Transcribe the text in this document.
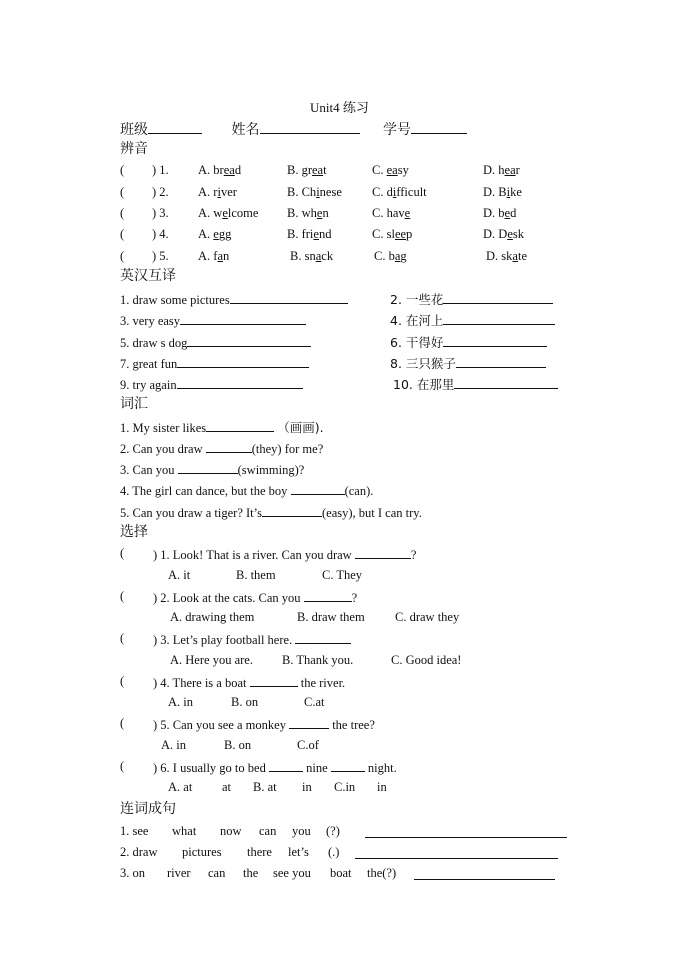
Unit4 练习
班级	姓名	学号
辨音
( ) 1. A. bread	B. great	C. easy	D. hear
( ) 2. A. river	B. Chinese C. difficult	D. Bike
( ) 3. A. welcome B. when	C. have	D. bed
( ) 4. A. egg	B. friend	C. sleep	D. Desk
( ) 5. A. fan	B. snack	C. bag	D. skate
英汉互译
1. draw some pictures	2. 一些花
3. very easy	4. 在河上
5. draw s dog	6. 干得好
7. great fun	8. 三只猴子
9. try again	10. 在那里
词汇
1. My sister likes	（画画).
2. Can you draw	(they) for me?
3. Can you	(swimming)?
4. The girl can dance, but the boy	(can).
5. Can you draw a tiger? It’s	(easy), but I can try.
选择
( ) 1. Look! That is a river. Can you draw	?
A. it	B. them	C. They
( ) 2. Look at the cats. Can you	?
A. drawing them	B. draw them C. draw they
( ) 3. Let’s play football here.
A. Here you are. B. Thank you.	C. Good idea!
( ) 4. There is a boat	the river.
A. in	B. on	C.at
( ) 5. Can you see a monkey	the tree?
A. in	B. on	C.of
( ) 6. I usually go to bed	nine	night.
A. at at B. at in C.in in
连词成句
1. see what now can you (?)
2. draw pictures there let’s (.)
3. on river can the see you boat the(?)
